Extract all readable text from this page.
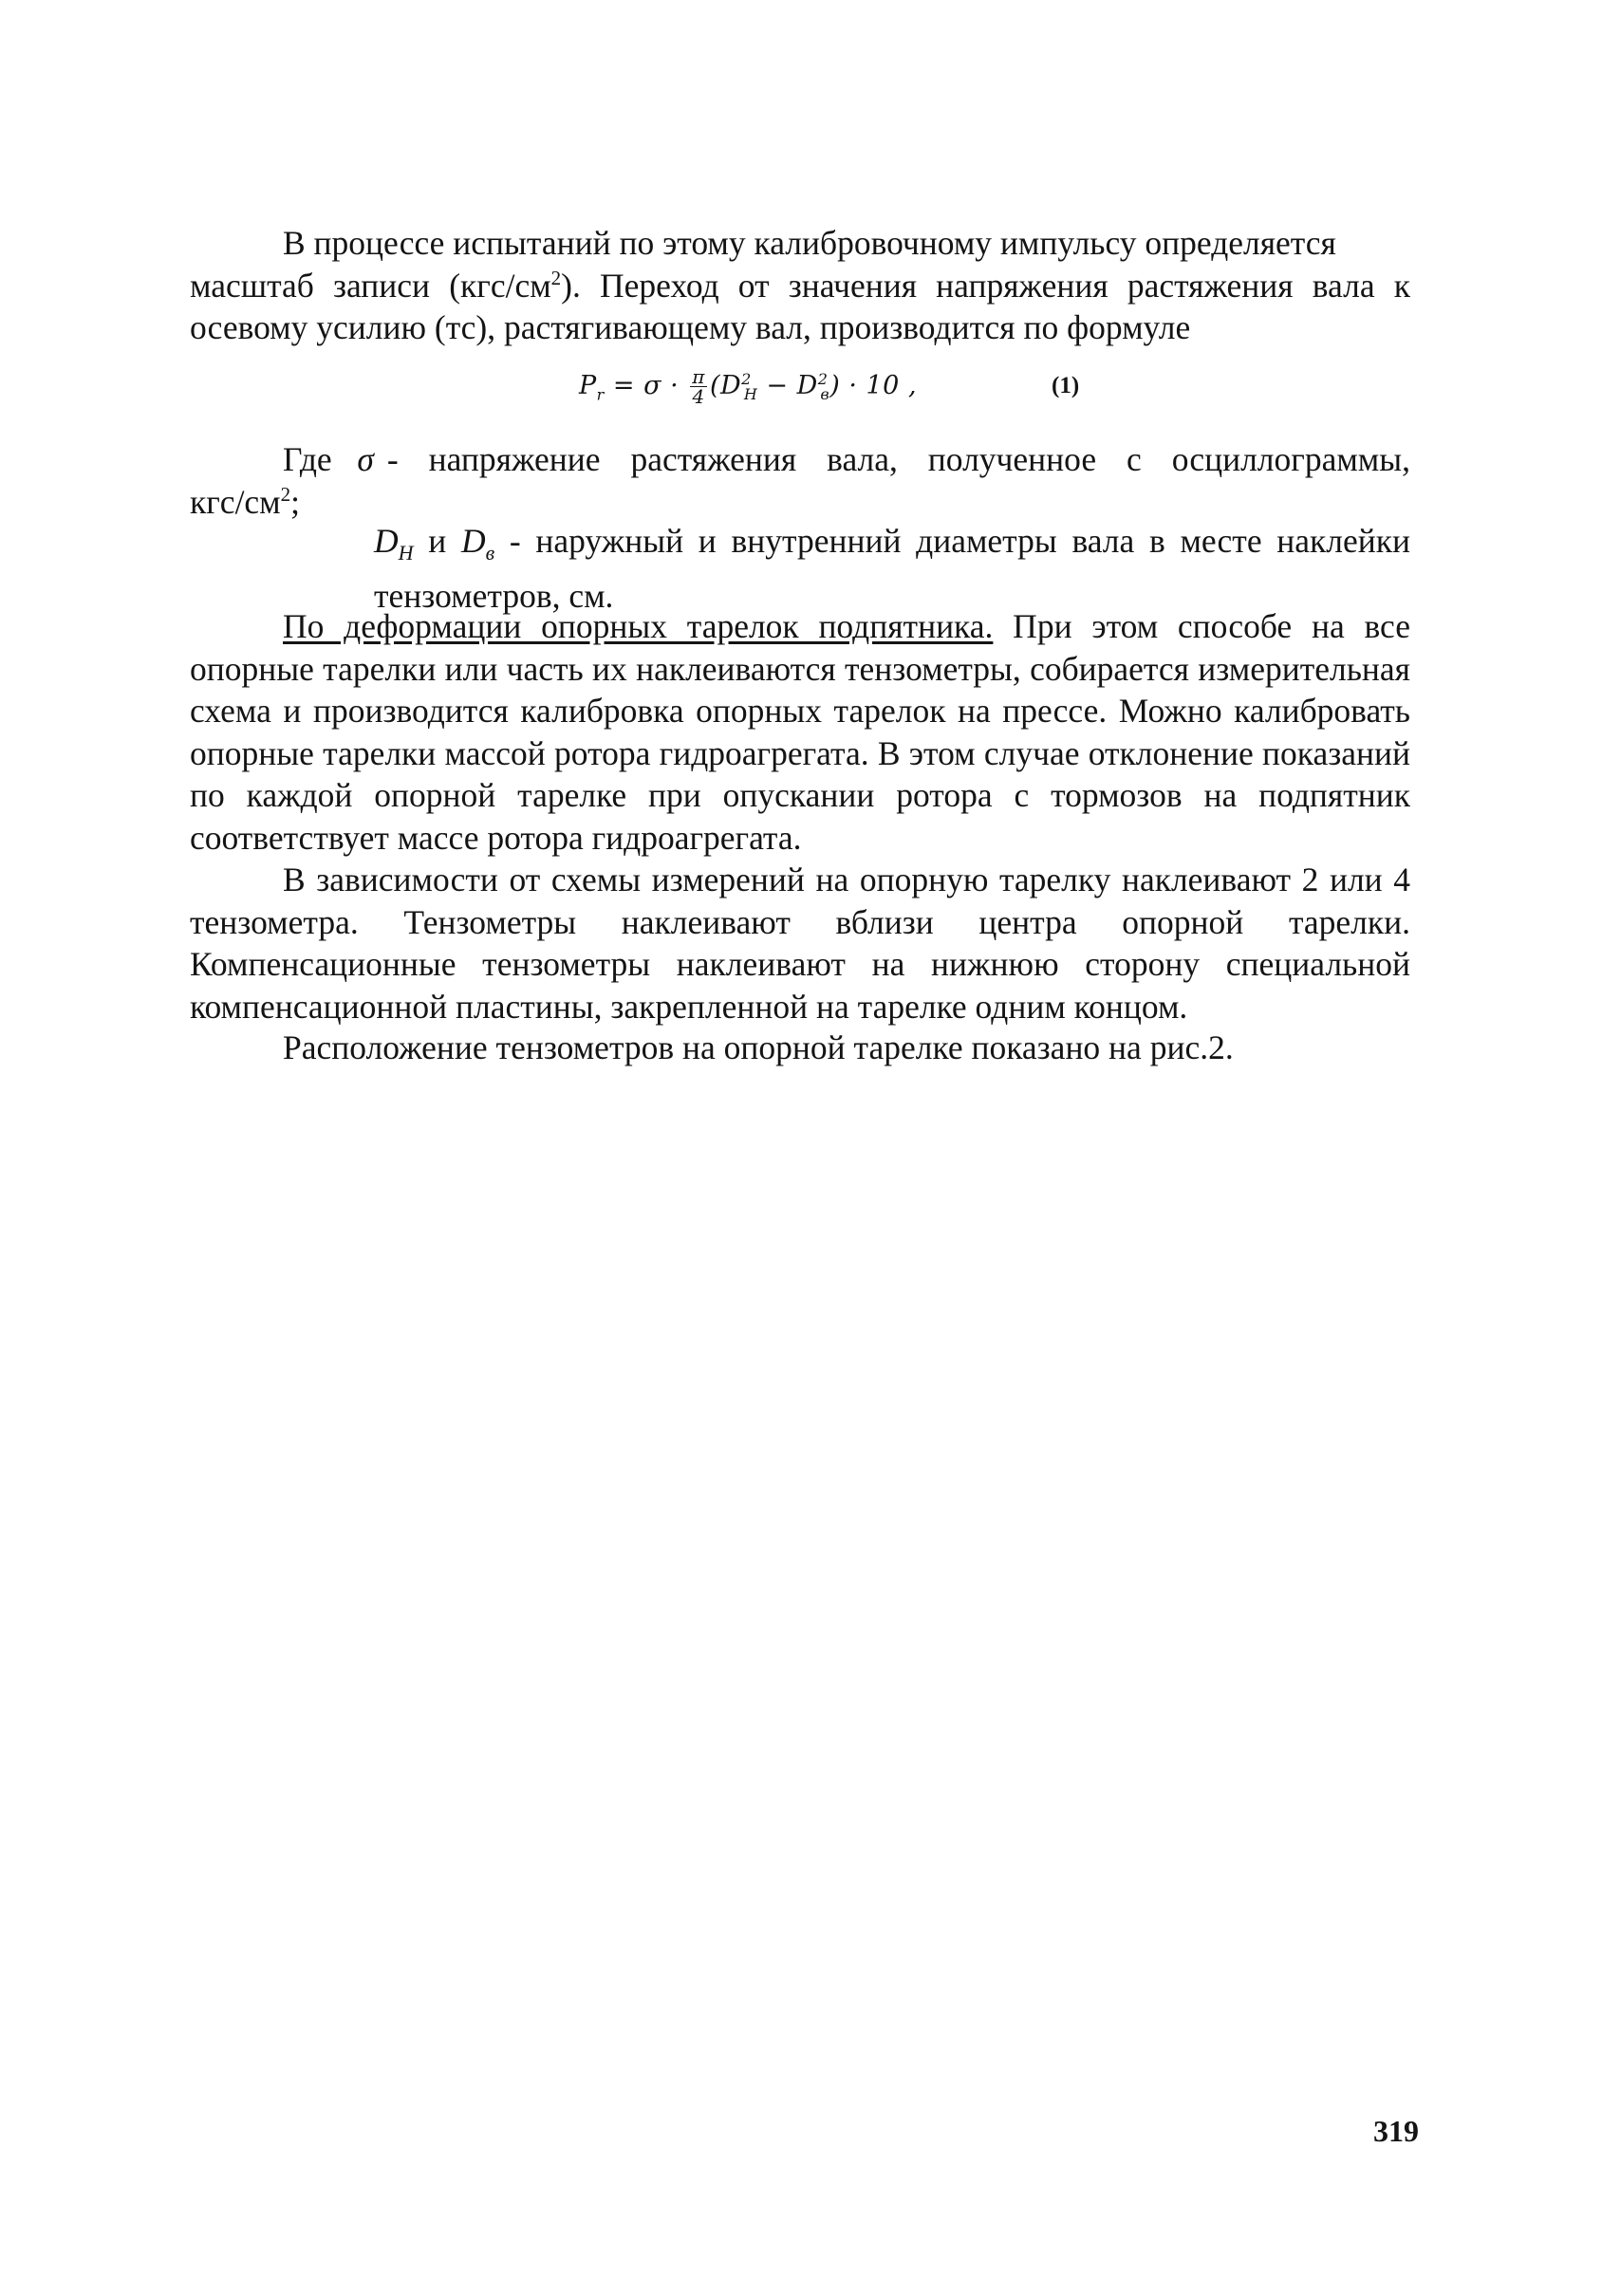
В процессе испытаний по этому калибровочному импульсу определяется

масштаб записи $(кгс/см^2)$. Переход от значения напряжения растяжения вала к

осевому усилию (тс), растягивающему вал, производится по формуле

$P_r = \sigma \cdot \frac{\pi}{4} (D^2_H - D^2_в) \cdot 10$ ,	(1)
Где σ - напряжение растяжения вала, полученное с осциллограммы,
кгс/$см^2$;
$D_H$ и $D_в$ - наружный и внутренний диаметры вала в месте наклейки тензометров, см.

По деформации опорных тарелок подпятника. При этом способе на все опорные тарелки или часть их наклеиваются тензометры, собирается измерительная схема и производится калибровка опорных тарелок на прессе. Можно калибровать опорные тарелки массой ротора гидроагрегата. В этом случае отклонение показаний по каждой опорной тарелке при опускании ротора с тормозов на подпятник соответствует массе ротора гидроагрегата.

В зависимости от схемы измерений на опорную тарелку наклеивают 2 или 4 тензометра. Тензометры наклеивают вблизи центра опорной тарелки. Компенсационные тензометры наклеивают на нижнюю сторону специальной компенсационной пластины, закрепленной на тарелке одним концом.

Расположение тензометров на опорной тарелке показано на рис.2.

319
